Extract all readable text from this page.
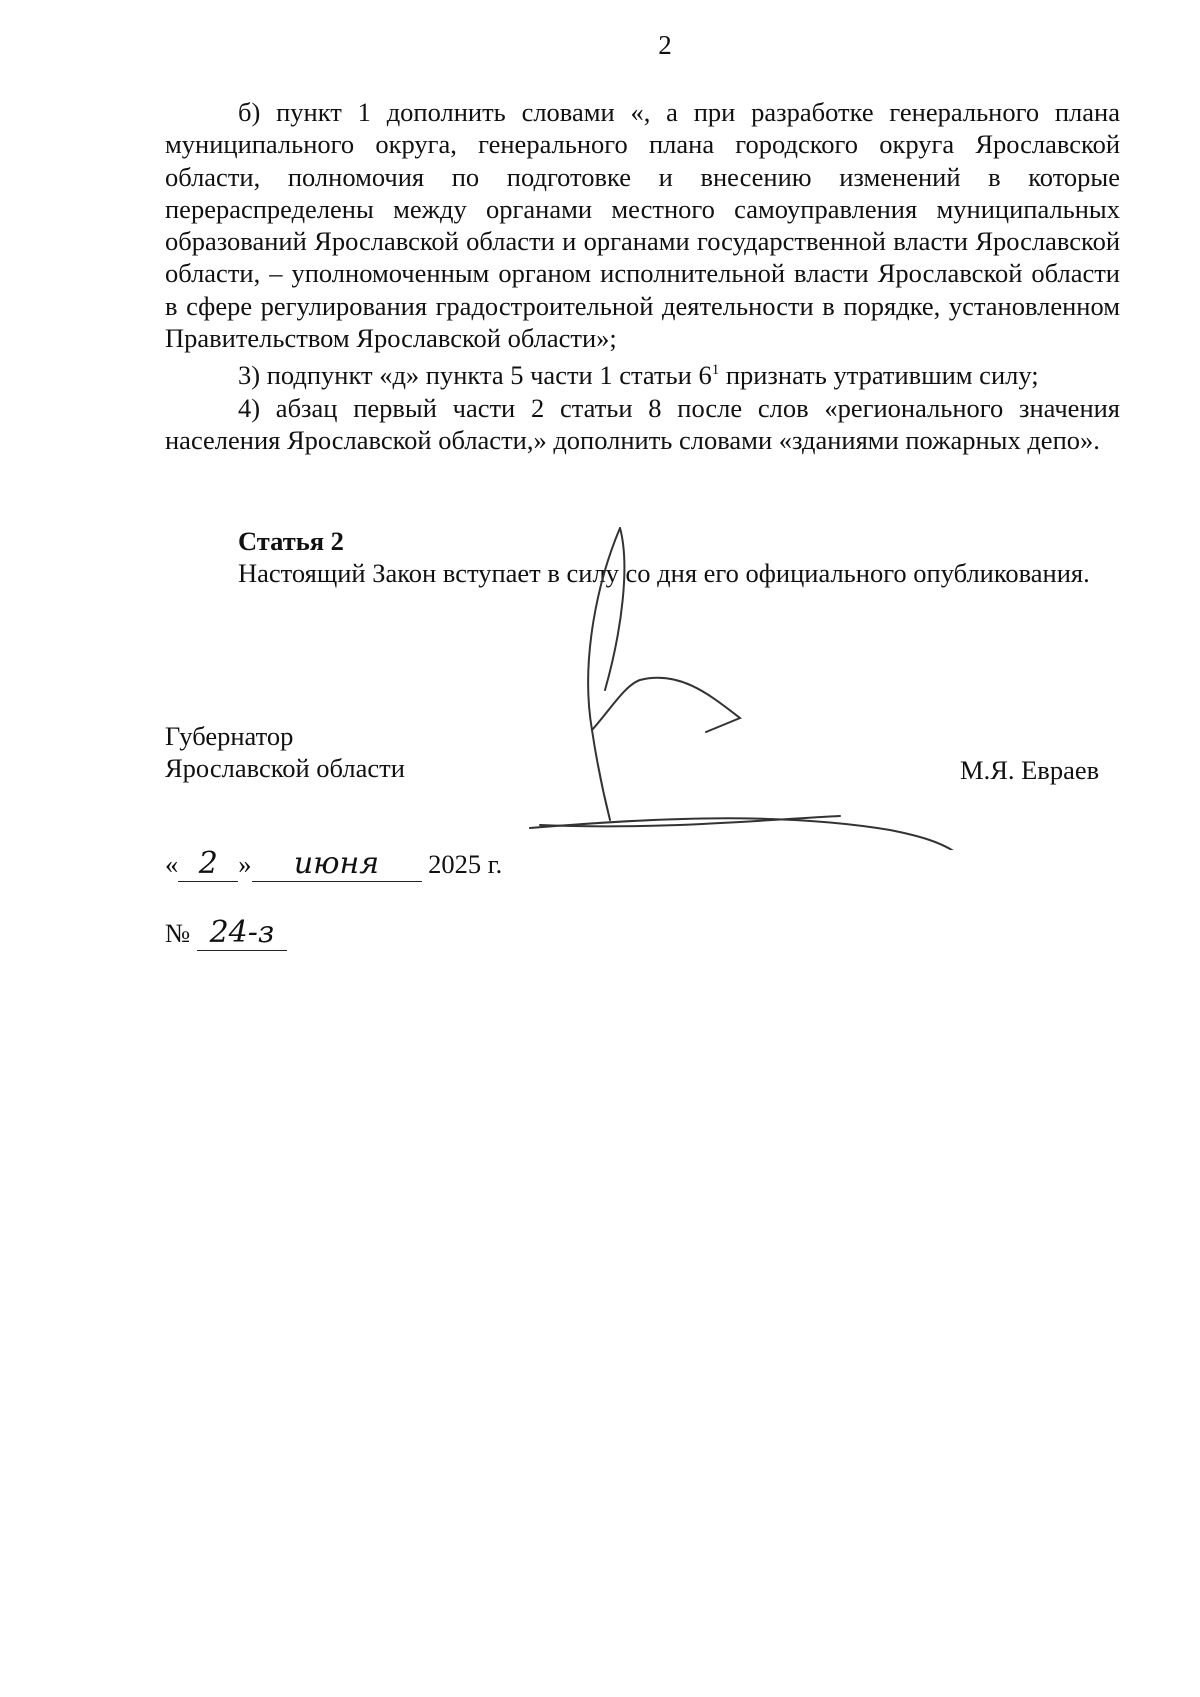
2

б) пункт 1 дополнить словами «, а при разработке генерального плана муниципального округа, генерального плана городского округа Ярославской области, полномочия по подготовке и внесению изменений в которые перераспределены между органами местного самоуправления муниципальных образований Ярославской области и органами государственной власти Ярославской области, – уполномоченным органом исполнительной власти Ярославской области в сфере регулирования градостроительной деятельности в порядке, установленном Правительством Ярославской области»;

3) подпункт «д» пункта 5 части 1 статьи $6^1$ признать утратившим силу;

4) абзац первый части 2 статьи 8 после слов «регионального значения населения Ярославской области,» дополнить словами «зданиями пожарных депо».

Статья 2

Настоящий Закон вступает в силу со дня его официального опубликования.

Губернатор
Ярославской области	М.Я. Евраев
« 2 » июня 2025 г.
№ 24-з
